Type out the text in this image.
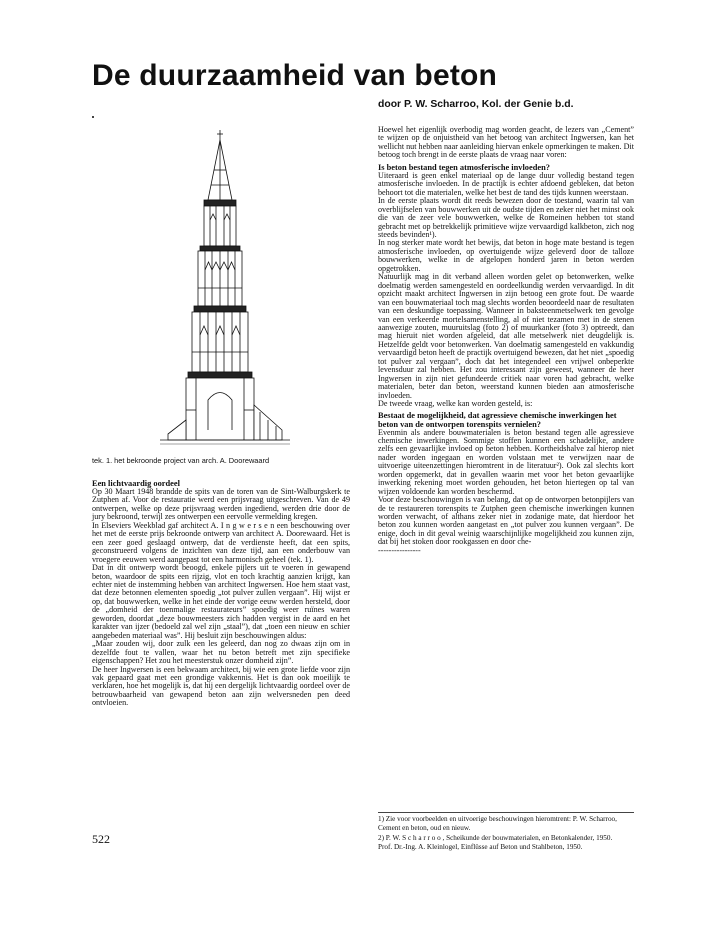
De duurzaamheid van beton
door P. W. Scharroo, Kol. der Genie b.d.
tek. 1. het bekroonde project van arch. A. Doorewaard
Een lichtvaardig oordeel

Op 30 Maart 1948 brandde de spits van de toren van de Sint-Walburgskerk te Zutphen af. Voor de restauratie werd een prijsvraag uitgeschreven. Van de 49 ontwerpen, welke op deze prijsvraag werden ingediend, werden drie door de jury bekroond, terwijl zes ontwerpen een eervolle vermelding kregen.

In Elseviers Weekblad gaf architect A. I n g w e r s e n een beschouwing over het met de eerste prijs bekroonde ontwerp van architect A. Doorewaard. Het is een zeer goed geslaagd ontwerp, dat de verdienste heeft, dat een spits, geconstrueerd volgens de inzichten van deze tijd, aan een onderbouw van vroegere eeuwen werd aangepast tot een harmonisch geheel (tek. 1).

Dat in dit ontwerp wordt beoogd, enkele pijlers uit te voeren in gewapend beton, waardoor de spits een rijzig, vlot en toch krachtig aanzien krijgt, kan echter niet de instemming hebben van architect Ingwersen. Hoe hem staat vast, dat deze betonnen elementen spoedig „tot pulver zullen vergaan”. Hij wijst er op, dat bouwwerken, welke in het einde der vorige eeuw werden hersteld, door de „domheid der toenmalige restaurateurs” spoedig weer ruïnes waren geworden, doordat „deze bouwmeesters zich hadden vergist in de aard en het karakter van ijzer (bedoeld zal wel zijn „staal”), dat „toen een nieuw en schier aangebeden materiaal was”. Hij besluit zijn beschouwingen aldus:

„Maar zouden wij, door zulk een les geleerd, dan nog zo dwaas zijn om in dezelfde fout te vallen, waar het nu beton betreft met zijn specifieke eigenschappen? Het zou het meesterstuk onzer domheid zijn”.

De heer Ingwersen is een bekwaam architect, bij wie een grote liefde voor zijn vak gepaard gaat met een grondige vakkennis. Het is dan ook moeilijk te verklaren, hoe het mogelijk is, dat hij een dergelijk lichtvaardig oordeel over de betrouwbaarheid van gewapend beton aan zijn welversneden pen deed ontvloeien.

Hoewel het eigenlijk overbodig mag worden geacht, de lezers van „Cement” te wijzen op de onjuistheid van het betoog van architect Ingwersen, kan het wellicht nut hebben naar aanleiding hiervan enkele opmerkingen te maken. Dit betoog toch brengt in de eerste plaats de vraag naar voren:

Is beton bestand tegen atmosferische invloeden?

Uiteraard is geen enkel materiaal op de lange duur volledig bestand tegen atmosferische invloeden. In de practijk is echter afdoend gebleken, dat beton behoort tot die materialen, welke het best de tand des tijds kunnen weerstaan.

In de eerste plaats wordt dit reeds bewezen door de toestand, waarin tal van overblijfselen van bouwwerken uit de oudste tijden en zeker niet het minst ook die van de zeer vele bouwwerken, welke de Romeinen hebben tot stand gebracht met op betrekkelijk primitieve wijze vervaardigd kalkbeton, zich nog steeds bevinden¹).

In nog sterker mate wordt het bewijs, dat beton in hoge mate bestand is tegen atmosferische invloeden, op overtuigende wijze geleverd door de talloze bouwwerken, welke in de afgelopen honderd jaren in beton werden opgetrokken.

Natuurlijk mag in dit verband alleen worden gelet op betonwerken, welke doelmatig werden samengesteld en oordeelkundig werden vervaardigd. In dit opzicht maakt architect Ingwersen in zijn betoog een grote fout. De waarde van een bouwmateriaal toch mag slechts worden beoordeeld naar de resultaten van een deskundige toepassing. Wanneer in baksteenmetselwerk ten gevolge van een verkeerde mortelsamenstelling, al of niet tezamen met in de stenen aanwezige zouten, muuruitslag (foto 2) of muurkanker (foto 3) optreedt, dan mag hieruit niet worden afgeleid, dat alle metselwerk niet deugdelijk is. Hetzelfde geldt voor betonwerken. Van doelmatig samengesteld en vakkundig vervaardigd beton heeft de practijk overtuigend bewezen, dat het niet „spoedig tot pulver zal vergaan”, doch dat het integendeel een vrijwel onbeperkte levensduur zal hebben. Het zou interessant zijn geweest, wanneer de heer Ingwersen in zijn niet gefundeerde critiek naar voren had gebracht, welke materialen, beter dan beton, weerstand kunnen bieden aan atmosferische invloeden.

De tweede vraag, welke kan worden gesteld, is:

Bestaat de mogelijkheid, dat agressieve chemische inwerkingen het beton van de ontworpen torenspits vernielen?

Evenmin als andere bouwmaterialen is beton bestand tegen alle agressieve chemische inwerkingen. Sommige stoffen kunnen een schadelijke, andere zelfs een gevaarlijke invloed op beton hebben. Kortheidshalve zal hierop niet nader worden ingegaan en worden volstaan met te verwijzen naar de uitvoerige uiteenzettingen hieromtrent in de literatuur²). Ook zal slechts kort worden opgemerkt, dat in gevallen waarin met voor het beton gevaarlijke inwerking rekening moet worden gehouden, het beton hiertegen op tal van wijzen voldoende kan worden beschermd.

Voor deze beschouwingen is van belang, dat op de ontworpen betonpijlers van de te restaureren torenspits te Zutphen geen chemische inwerkingen kunnen worden verwacht, of althans zeker niet in zodanige mate, dat hierdoor het beton zou kunnen worden aangetast en „tot pulver zou kunnen vergaan”. De enige, doch in dit geval weinig waarschijnlijke mogelijkheid zou kunnen zijn, dat bij het stoken door rookgassen en door che-

----------------

1) Zie voor voorbeelden en uitvoerige beschouwingen hieromtrent: P. W. Scharroo, Cement en beton, oud en nieuw.

2) P. W. S c h a r r o o , Scheikunde der bouwmaterialen, en Betonkalender, 1950.

Prof. Dr.-Ing. A. Kleinlogel, Einflüsse auf Beton und Stahlbeton, 1950.

522
